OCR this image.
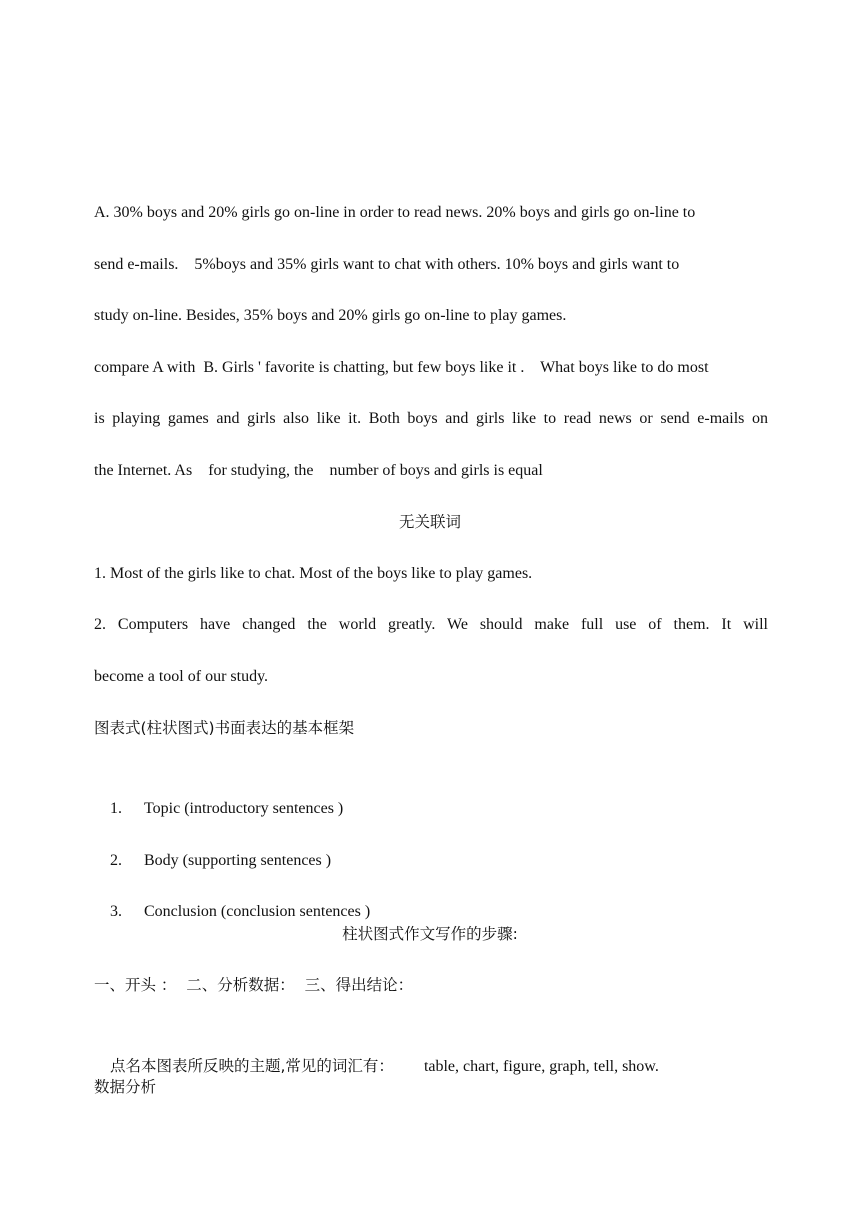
A. 30% boys and 20% girls go on-line in order to read news. 20% boys and girls go on-line to
send e-mails.    5%boys and 35% girls want to chat with others. 10% boys and girls want to
study on-line. Besides, 35% boys and 20% girls go on-line to play games.
compare A with  B. Girls ' favorite is chatting, but few boys like it .    What boys like to do most
is playing games and girls also like it. Both boys and girls like to read news or send e-mails on
the Internet. As    for studying, the    number of boys and girls is equal
无关联词
1. Most of the girls like to chat. Most of the boys like to play games.
2. Computers have changed the world greatly. We should make full use of them. It will
become a tool of our study.
图表式(柱状图式)书面表达的基本框架

1. Topic (introductory sentences )

2. Body (supporting sentences )

3. Conclusion (conclusion sentences )

柱状图式作文写作的步骤:
一、开头 ：  二、分析数据：  三、得出结论：

点名本图表所反映的主题,常见的词汇有： table, chart, figure, graph, tell, show.

数据分析
